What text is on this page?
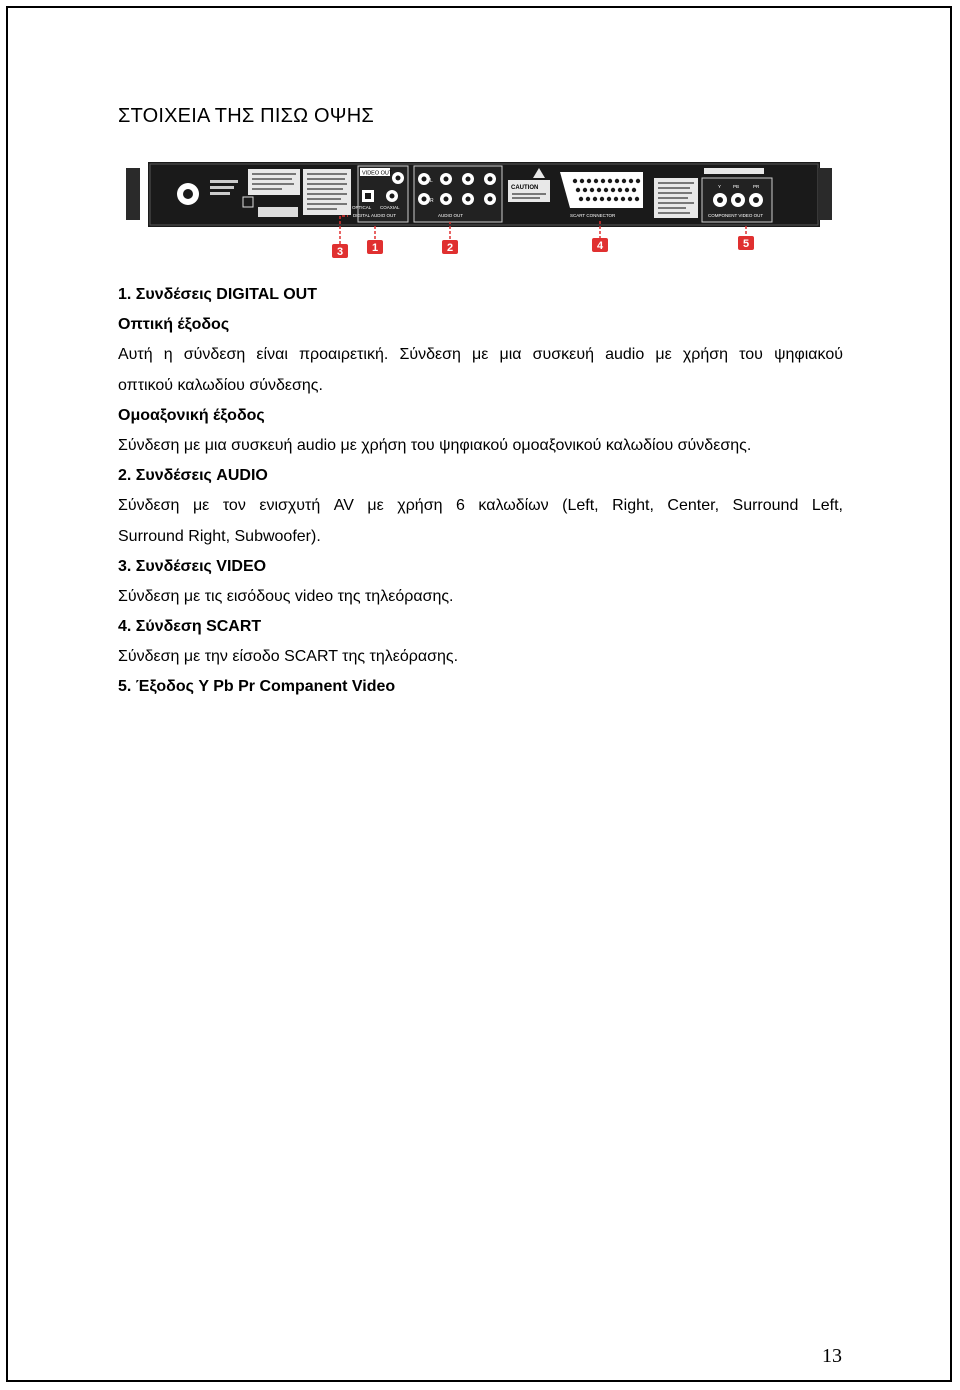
ΣΤΟΙΧΕΙΑ ΤΗΣ ΠΙΣΩ ΟΨΗΣ
VIDEO OUT
OPTICAL COAXIAL
DIGITAL AUDIO OUT
L
R
AUDIO OUT
CAUTION
SCART CONNECTOR
Y	PB	PR
COMPONENT VIDEO OUT
3	1	2	4	5
1. Συνδέσεις DIGITAL OUT
Οπτική έξοδος
Αυτή η σύνδεση είναι προαιρετική. Σύνδεση με μια συσκευή audio με χρήση του ψηφιακού
οπτικού καλωδίου σύνδεσης.
Ομοαξονική έξοδος
Σύνδεση με μια συσκευή audio με χρήση του ψηφιακού ομοαξονικού καλωδίου σύνδεσης.
2. Συνδέσεις AUDIO
Σύνδεση με τον ενισχυτή AV με χρήση 6 καλωδίων (Left, Right, Center, Surround Left,
Surround Right, Subwoofer).
3. Συνδέσεις VIDEO
Σύνδεση με τις εισόδους video της τηλεόρασης.
4. Σύνδεση SCART
Σύνδεση με την είσοδο SCART της τηλεόρασης.
5. Έξοδος Y Pb Pr Companent Video
13
